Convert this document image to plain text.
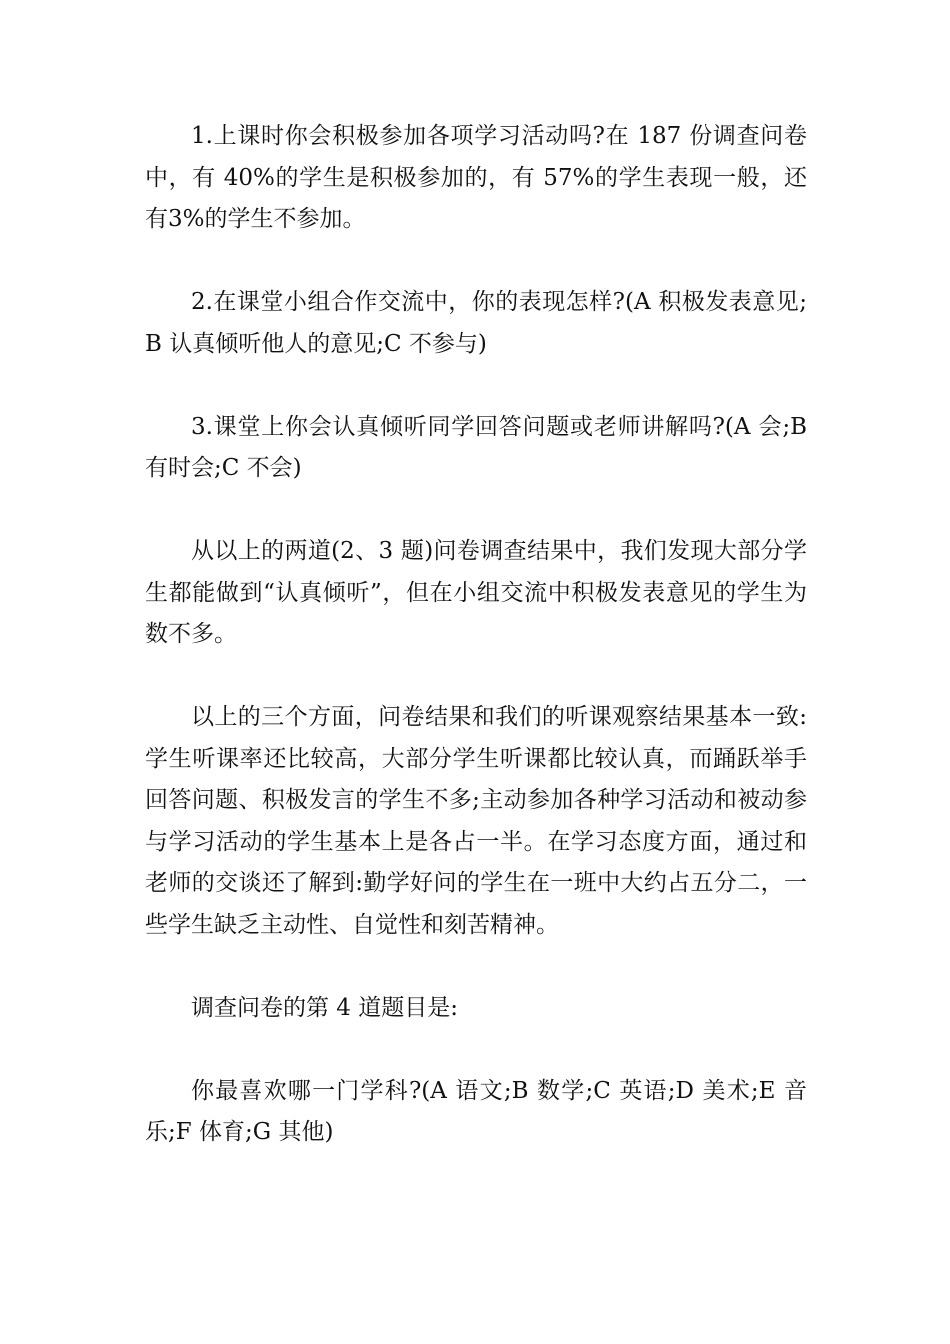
1.上课时你会积极参加各项学习活动吗?在 187 份调查问卷中，有 40%的学生是积极参加的，有 57%的学生表现一般，还有3%的学生不参加。

2.在课堂小组合作交流中，你的表现怎样?(A 积极发表意见;B 认真倾听他人的意见;C 不参与)

3.课堂上你会认真倾听同学回答问题或老师讲解吗?(A 会;B 有时会;C 不会)

从以上的两道(2、3 题)问卷调查结果中，我们发现大部分学生都能做到“认真倾听”，但在小组交流中积极发表意见的学生为数不多。

以上的三个方面，问卷结果和我们的听课观察结果基本一致:学生听课率还比较高，大部分学生听课都比较认真，而踊跃举手回答问题、积极发言的学生不多;主动参加各种学习活动和被动参与学习活动的学生基本上是各占一半。在学习态度方面，通过和老师的交谈还了解到:勤学好问的学生在一班中大约占五分二，一些学生缺乏主动性、自觉性和刻苦精神。

调查问卷的第 4 道题目是:

你最喜欢哪一门学科?(A 语文;B 数学;C 英语;D 美术;E 音乐;F 体育;G 其他)
